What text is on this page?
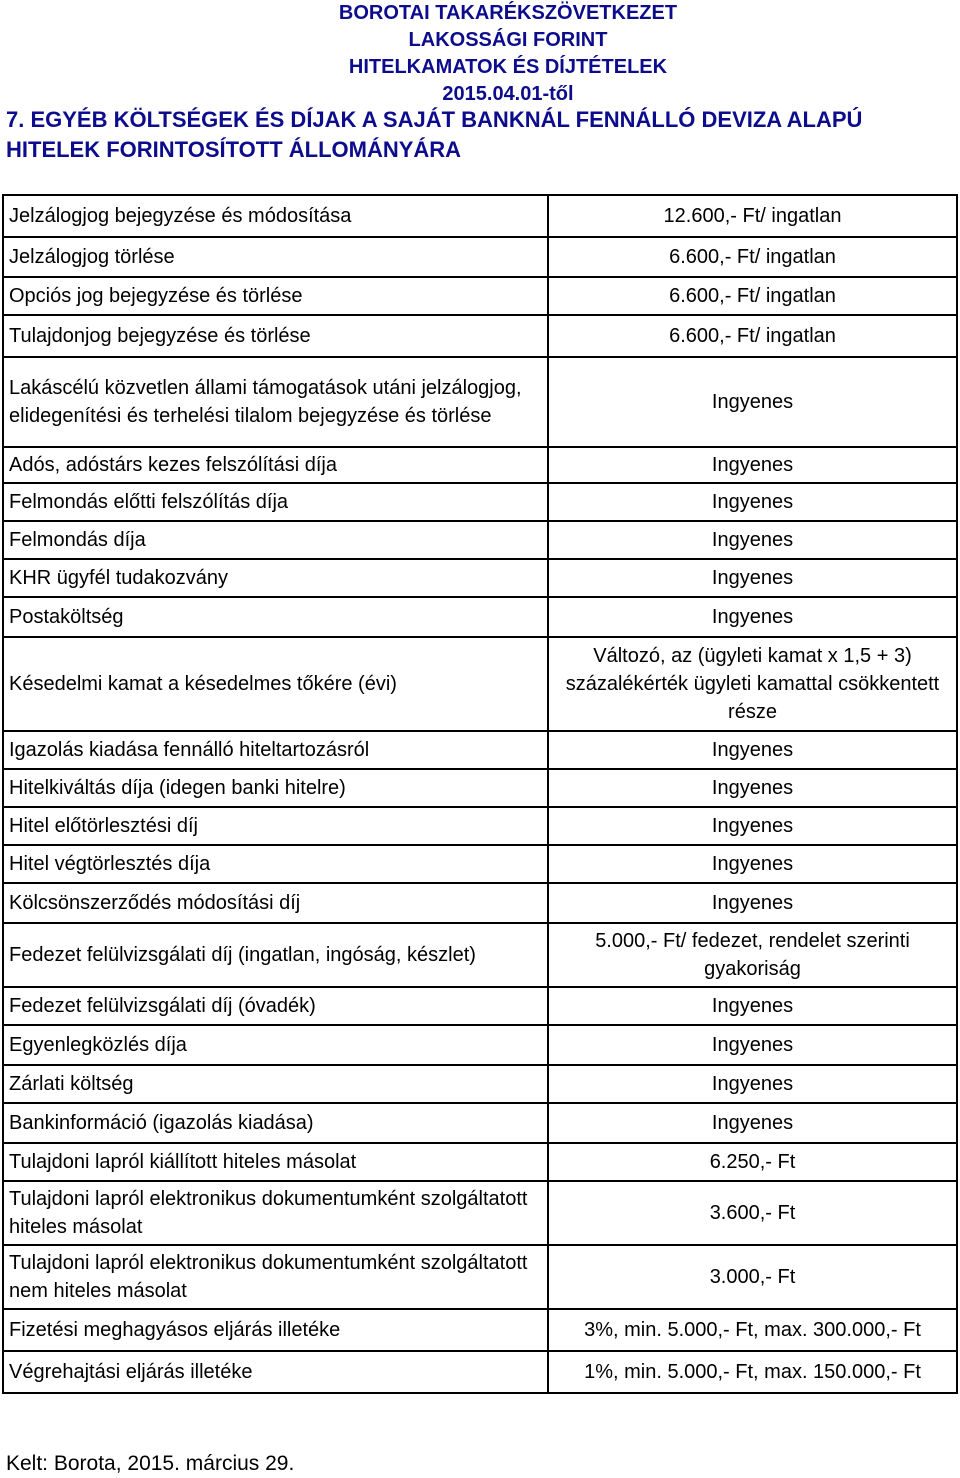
BOROTAI TAKARÉKSZÖVETKEZET
LAKOSSÁGI FORINT
HITELKAMATOK ÉS DÍJTÉTELEK
2015.04.01-től
7. EGYÉB KÖLTSÉGEK ÉS DÍJAK A SAJÁT BANKNÁL FENNÁLLÓ DEVIZA ALAPÚ HITELEK FORINTOSÍTOTT ÁLLOMÁNYÁRA
Jelzálogjog bejegyzése és módosítása	12.600,- Ft/ ingatlan
Jelzálogjog törlése	6.600,- Ft/ ingatlan
Opciós jog bejegyzése és törlése	6.600,- Ft/ ingatlan
Tulajdonjog bejegyzése és törlése	6.600,- Ft/ ingatlan
Lakáscélú közvetlen állami támogatások utáni jelzálogjog, elidegenítési és terhelési tilalom bejegyzése és törlése	Ingyenes
Adós, adóstárs kezes felszólítási díja	Ingyenes
Felmondás előtti felszólítás díja	Ingyenes
Felmondás díja	Ingyenes
KHR ügyfél tudakozvány	Ingyenes
Postaköltség	Ingyenes
Késedelmi kamat a késedelmes tőkére (évi)	Változó, az (ügyleti kamat x 1,5 + 3) százalékérték ügyleti kamattal csökkentett része
Igazolás kiadása fennálló hiteltartozásról	Ingyenes
Hitelkiváltás díja (idegen banki hitelre)	Ingyenes
Hitel előtörlesztési díj	Ingyenes
Hitel végtörlesztés díja	Ingyenes
Kölcsönszerződés módosítási díj	Ingyenes
Fedezet felülvizsgálati díj (ingatlan, ingóság, készlet)	5.000,- Ft/ fedezet, rendelet szerinti gyakoriság
Fedezet felülvizsgálati díj (óvadék)	Ingyenes
Egyenlegközlés díja	Ingyenes
Zárlati költség	Ingyenes
Bankinformáció (igazolás kiadása)	Ingyenes
Tulajdoni lapról kiállított hiteles másolat	6.250,- Ft
Tulajdoni lapról elektronikus dokumentumként szolgáltatott hiteles másolat	3.600,- Ft
Tulajdoni lapról elektronikus dokumentumként szolgáltatott nem hiteles másolat	3.000,- Ft
Fizetési meghagyásos eljárás illetéke	3%, min. 5.000,- Ft, max. 300.000,- Ft
Végrehajtási eljárás illetéke	1%, min. 5.000,- Ft, max. 150.000,- Ft
Kelt: Borota, 2015. március 29.
